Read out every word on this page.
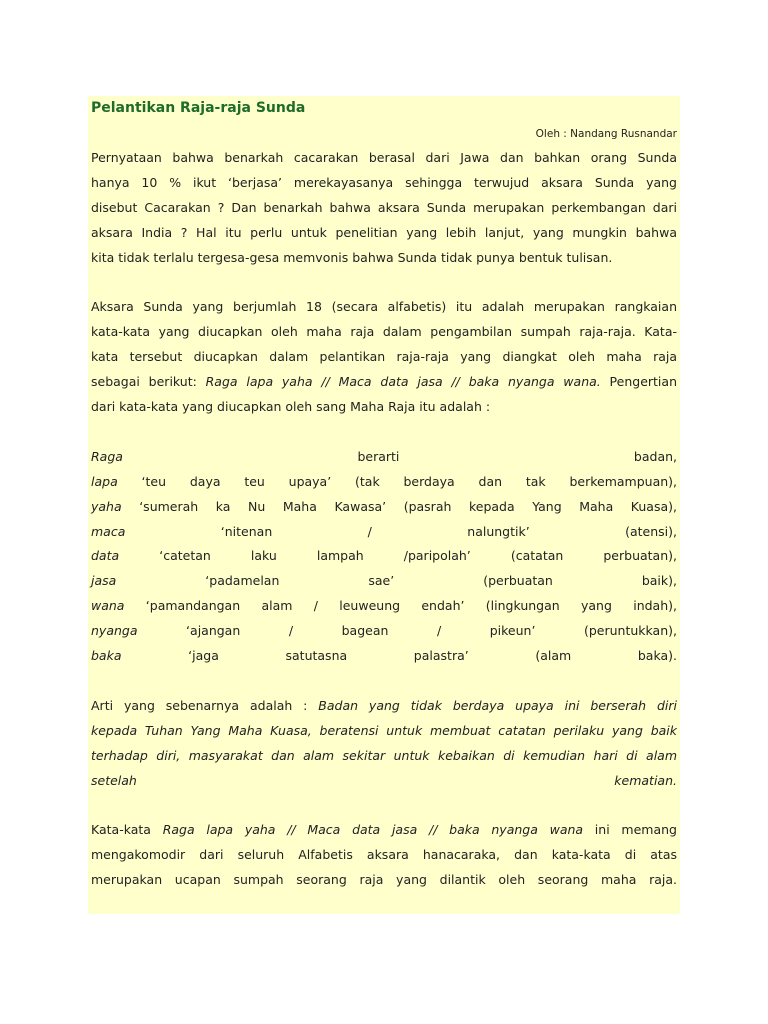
Pelantikan Raja-raja Sunda
Oleh : Nandang Rusnandar

Pernyataan bahwa benarkah cacarakan berasal dari Jawa dan bahkan orang Sunda
hanya 10 % ikut ‘berjasa’ merekayasanya sehingga terwujud aksara Sunda yang
disebut Cacarakan ? Dan benarkah bahwa aksara Sunda merupakan perkembangan dari
aksara India ? Hal itu perlu untuk penelitian yang lebih lanjut, yang mungkin bahwa
kita tidak terlalu tergesa-gesa memvonis bahwa Sunda tidak punya bentuk tulisan.

Aksara Sunda yang berjumlah 18 (secara alfabetis) itu adalah merupakan rangkaian
kata-kata yang diucapkan oleh maha raja dalam pengambilan sumpah raja-raja. Kata-
kata tersebut diucapkan dalam pelantikan raja-raja yang diangkat oleh maha raja
sebagai berikut: Raga lapa yaha // Maca data jasa // baka nyanga wana. Pengertian
dari kata-kata yang diucapkan oleh sang Maha Raja itu adalah :

Raga berarti badan,
lapa ‘teu daya teu upaya’ (tak berdaya dan tak berkemampuan),
yaha ‘sumerah ka Nu Maha Kawasa’ (pasrah kepada Yang Maha Kuasa),
maca ‘nitenan / nalungtik’ (atensi),
data ‘catetan laku lampah /paripolah’ (catatan perbuatan),
jasa ‘padamelan sae’ (perbuatan baik),
wana ‘pamandangan alam / leuweung endah’ (lingkungan yang indah),
nyanga ‘ajangan / bagean / pikeun’ (peruntukkan),
baka ‘jaga satutasna palastra’ (alam baka).

Arti yang sebenarnya adalah : Badan yang tidak berdaya upaya ini berserah diri
kepada Tuhan Yang Maha Kuasa, beratensi untuk membuat catatan perilaku yang baik
terhadap diri, masyarakat dan alam sekitar untuk kebaikan di kemudian hari di alam
setelah kematian.

Kata-kata Raga lapa yaha // Maca data jasa // baka nyanga wana ini memang
mengakomodir dari seluruh Alfabetis aksara hanacaraka, dan kata-kata di atas
merupakan ucapan sumpah seorang raja yang dilantik oleh seorang maha raja.
